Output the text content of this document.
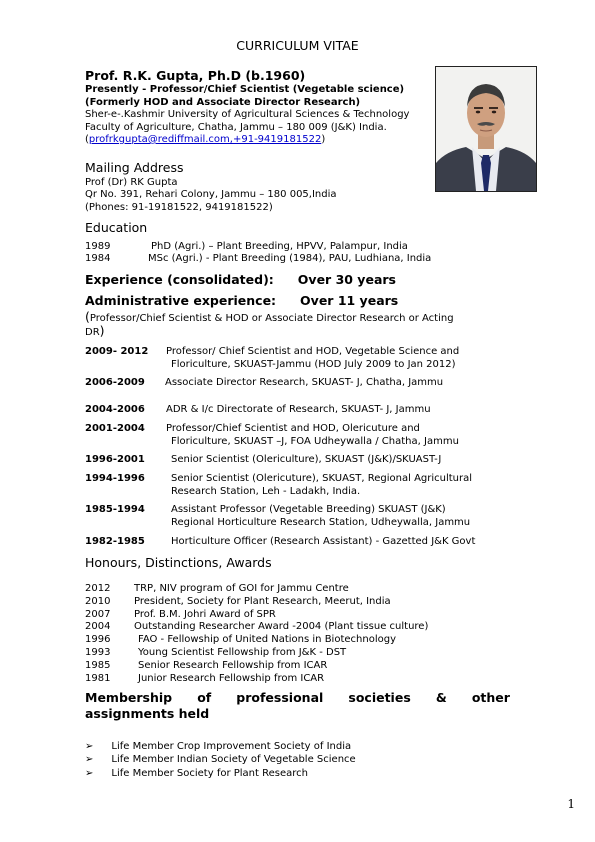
CURRICULUM VITAE
Prof. R.K. Gupta, Ph.D (b.1960)
Presently - Professor/Chief Scientist (Vegetable science)
(Formerly HOD and Associate Director Research)
Sher-e-.Kashmir University of Agricultural Sciences & Technology
Faculty of Agriculture, Chatha, Jammu – 180 009 (J&K) India.
(profrkgupta@rediffmail.com,+91-9419181522)
Mailing Address
Prof (Dr) RK Gupta
Qr No. 391, Rehari Colony, Jammu – 180 005,India
(Phones: 91-19181522, 9419181522)
Education
1989	PhD (Agri.) – Plant Breeding, HPVV, Palampur, India
1984	MSc (Agri.) - Plant Breeding (1984), PAU, Ludhiana, India
Experience (consolidated): Over 30 years
Administrative experience: Over 11 years
(Professor/Chief Scientist & HOD or Associate Director Research or Acting
DR)
2009- 2012 Professor/ Chief Scientist and HOD, Vegetable Science and
Floriculture, SKUAST-Jammu (HOD July 2009 to Jan 2012)
2006-2009 Associate Director Research, SKUAST- J, Chatha, Jammu
2004-2006 ADR & I/c Directorate of Research, SKUAST- J, Jammu
2001-2004 Professor/Chief Scientist and HOD, Olericuture and
Floriculture, SKUAST –J, FOA Udheywalla / Chatha, Jammu
1996-2001	Senior Scientist (Olericulture), SKUAST (J&K)/SKUAST-J
1994-1996	Senior Scientist (Olericuture), SKUAST, Regional Agricultural
Research Station, Leh - Ladakh, India.
1985-1994	Assistant Professor (Vegetable Breeding) SKUAST (J&K)
Regional Horticulture Research Station, Udheywalla, Jammu
1982-1985	Horticulture Officer (Research Assistant) - Gazetted J&K Govt
Honours, Distinctions, Awards
2012 TRP, NIV program of GOI for Jammu Centre
2010 President, Society for Plant Research, Meerut, India
2007 Prof. B.M. Johri Award of SPR
2004 Outstanding Researcher Award -2004 (Plant tissue culture)
1996	FAO - Fellowship of United Nations in Biotechnology
1993	Young Scientist Fellowship from J&K - DST
1985	Senior Research Fellowship from ICAR
1981	Junior Research Fellowship from ICAR
Membership of professional societies & other
assignments held
➢ Life Member Crop Improvement Society of India
➢ Life Member Indian Society of Vegetable Science
➢ Life Member Society for Plant Research
1
